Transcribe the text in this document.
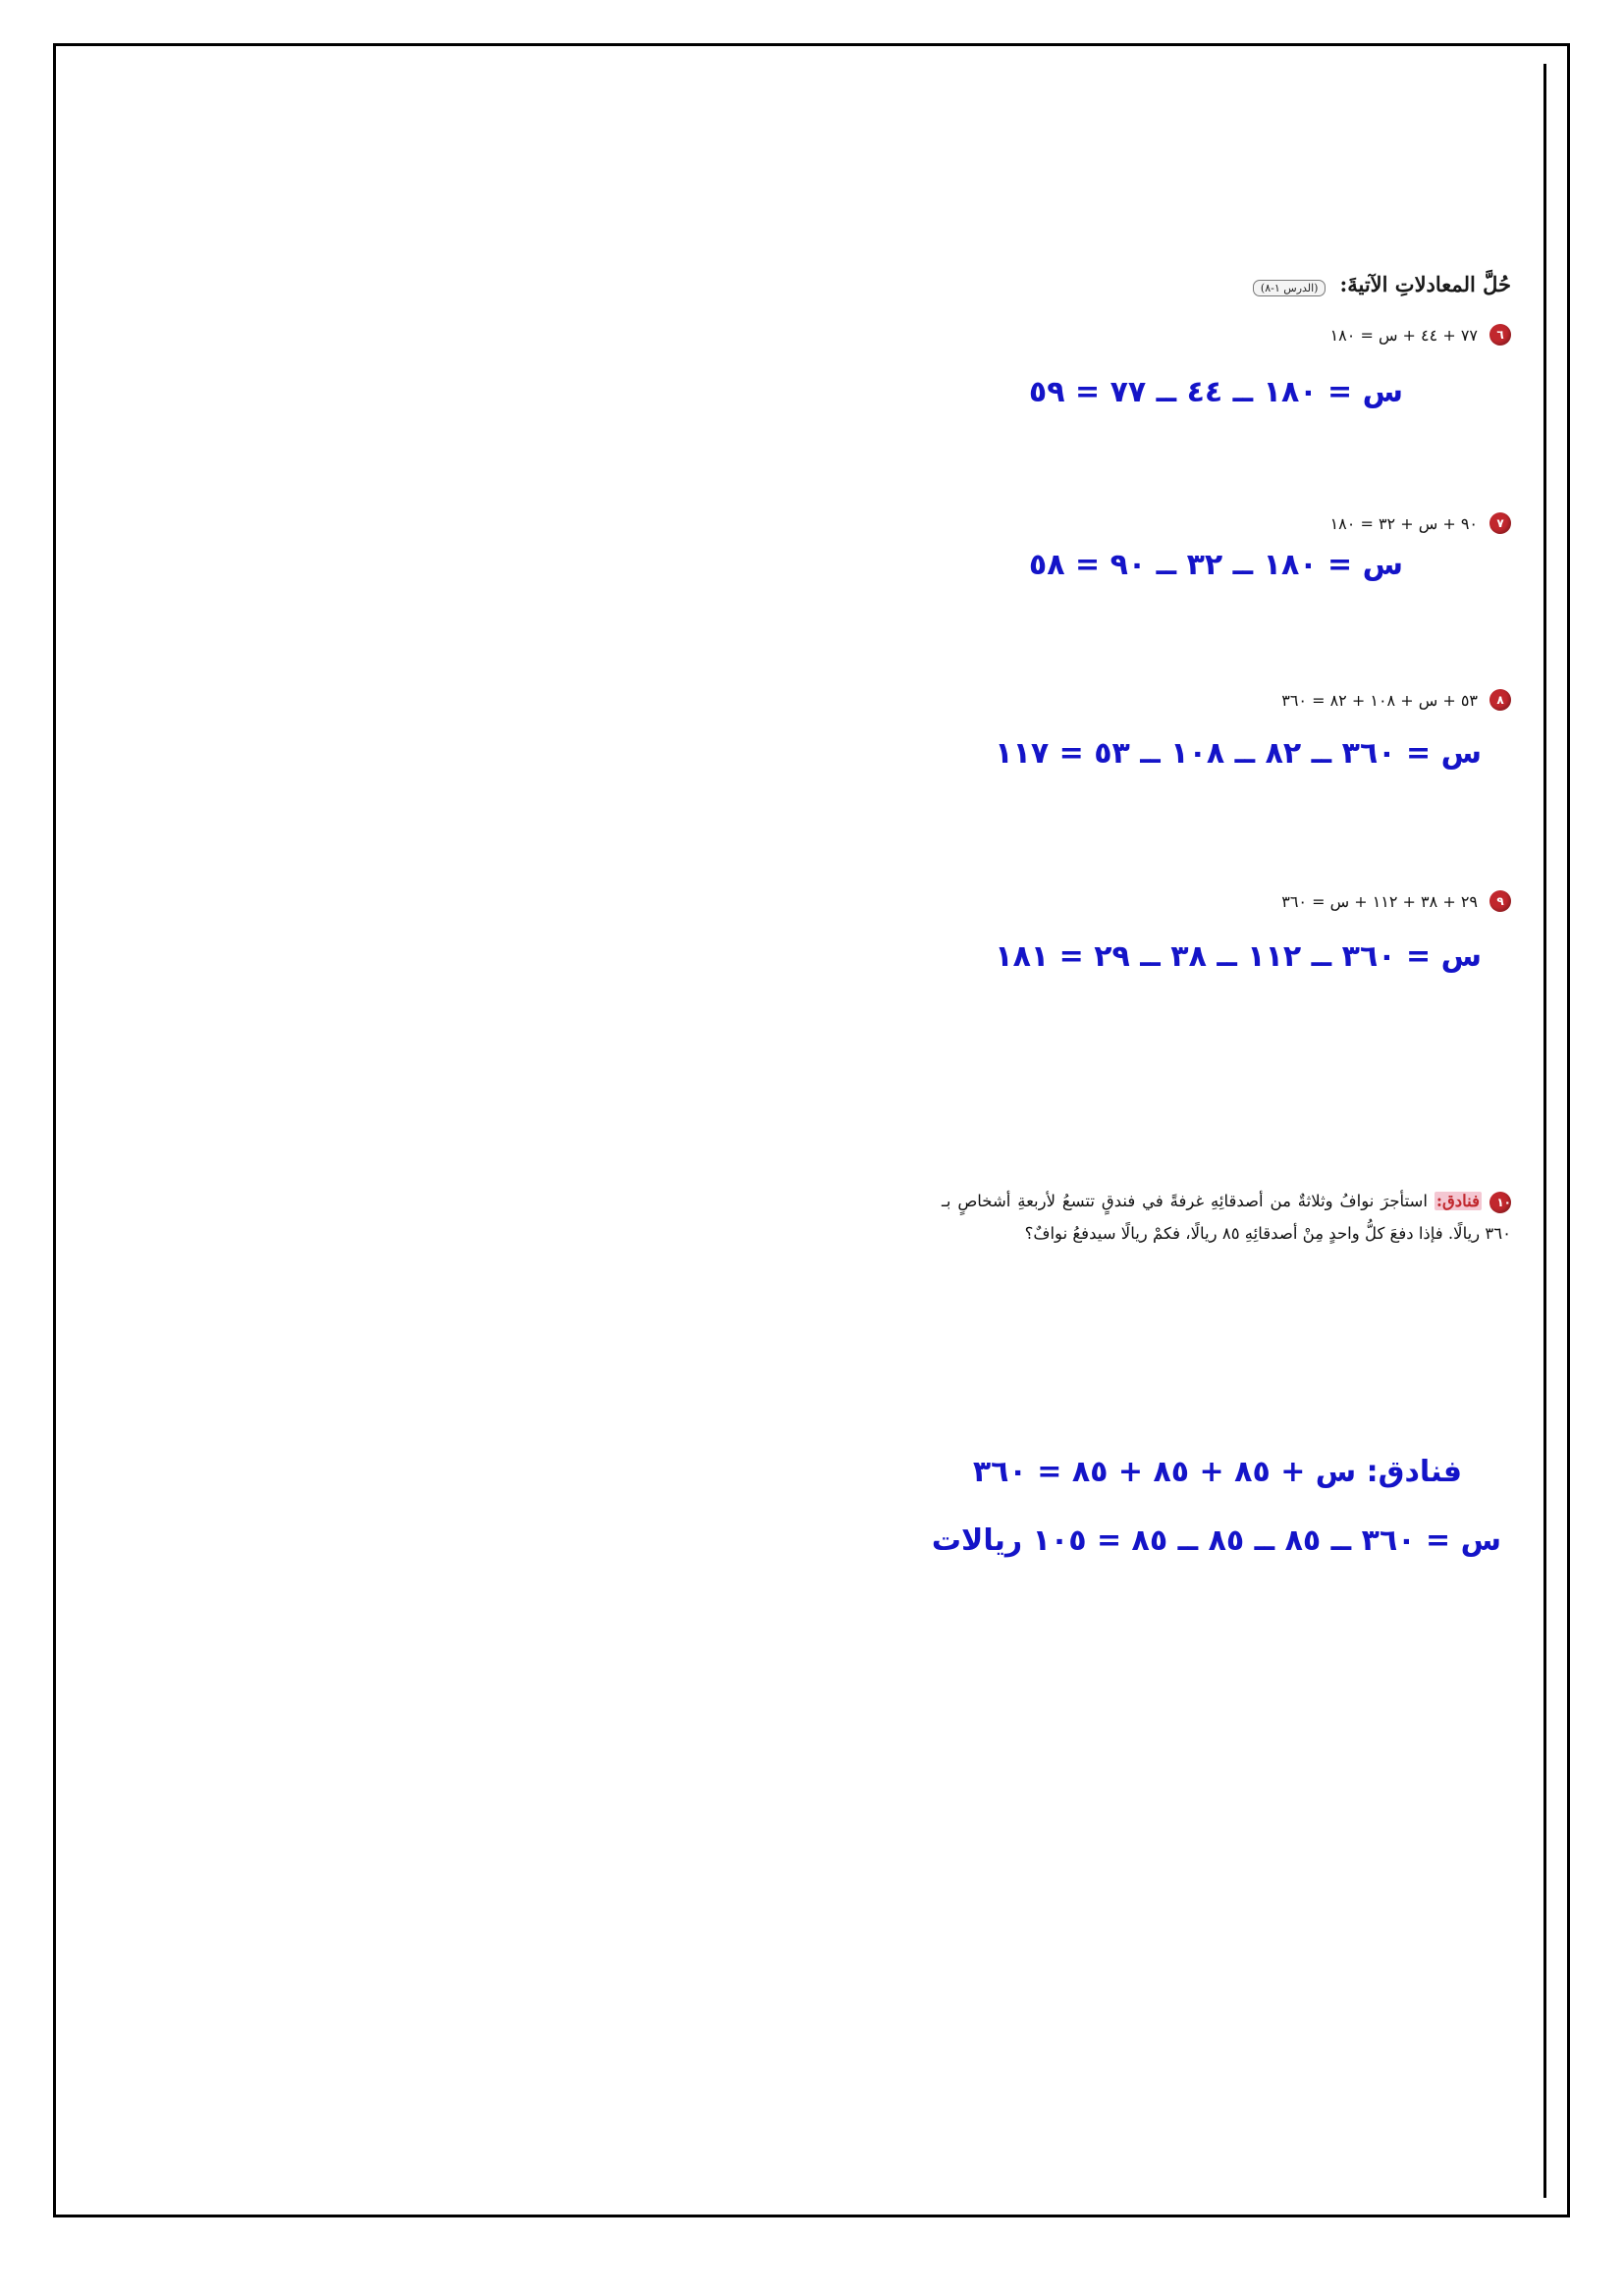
حُلَّ المعادلاتِ الآتيةَ:
(الدرس ١-٨)
٦
٧٧ + ٤٤ + س = ١٨٠
س = ١٨٠ ــ ٤٤ ــ ٧٧ = ٥٩
٧
٩٠ + س + ٣٢ = ١٨٠
س = ١٨٠ ــ ٣٢ ــ ٩٠ = ٥٨
٨
٥٣ + س + ١٠٨ + ٨٢ = ٣٦٠
س = ٣٦٠ ــ ٨٢ ــ ١٠٨ ــ ٥٣ = ١١٧
٩
٢٩ + ٣٨ + ١١٢ + س = ٣٦٠
س = ٣٦٠ ــ ١١٢ ــ ٣٨ ــ ٢٩ = ١٨١
١٠فنادق: استأجرَ نوافُ وثلاثةٌ من أصدقائِهِ غرفةً في فندقٍ تتسعُ لأربعةِ أشخاصٍ بـ ٣٦٠ ريالًا. فإذا دفعَ كلُّ واحدٍ مِنْ أصدقائِهِ ٨٥ ريالًا، فكمْ ريالًا سيدفعُ نوافٌ؟
فنادق: س + ٨٥ + ٨٥ + ٨٥ = ٣٦٠
س = ٣٦٠ ــ ٨٥ ــ ٨٥ ــ ٨٥ = ١٠٥ ريالات
